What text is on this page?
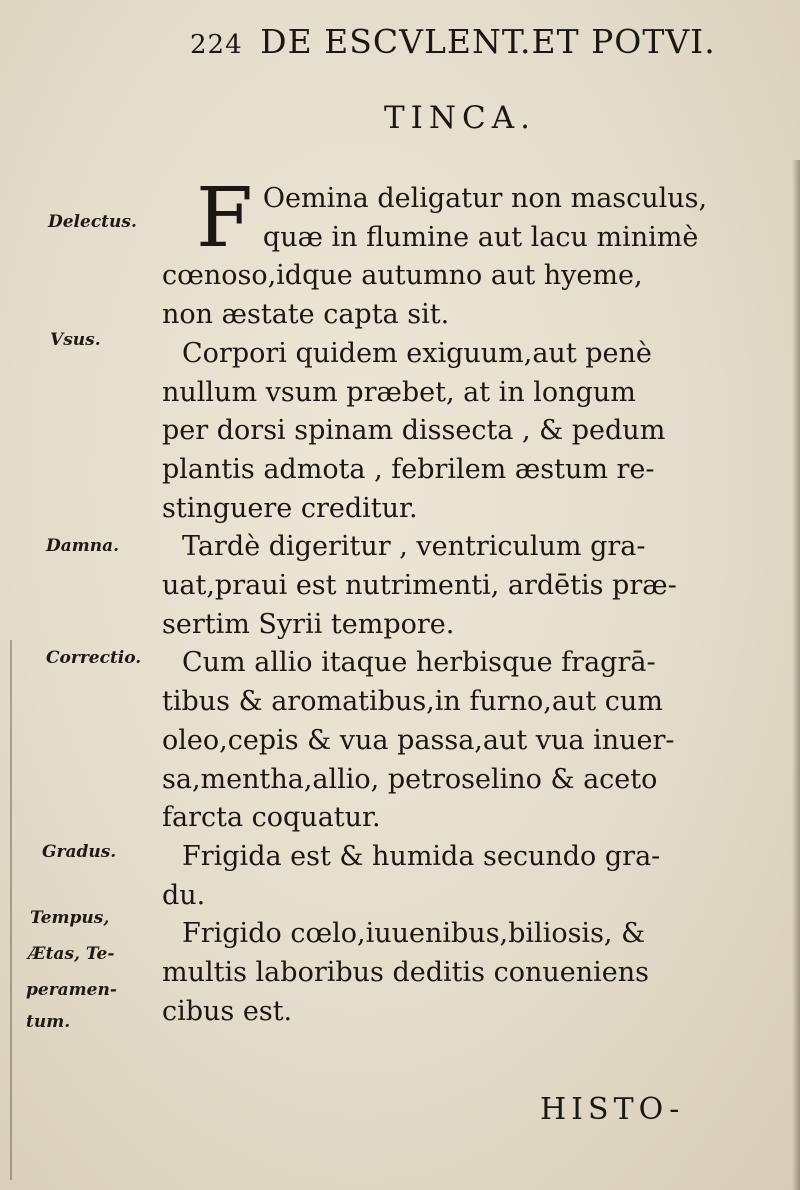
224 DE ESCVLENT.ET POTVI.
TINCA.
Delectus.
Vsus.
Damna.
Correctio.
Gradus.
Tempus,
Ætas, Te-
peramen-
tum.
F Oemina deligatur non masculus,
quæ in flumine aut lacu minimè
cœnoso,idque autumno aut hyeme,
non æstate capta sit.
Corpori quidem exiguum,aut penè
nullum vsum præbet, at in longum
per dorsi spinam dissecta , & pedum
plantis admota , febrilem æstum re-
stinguere creditur.
Tardè digeritur , ventriculum gra-
uat,praui est nutrimenti, ardētis præ-
sertim Syrii tempore.
Cum allio itaque herbisque fragrā-
tibus & aromatibus,in furno,aut cum
oleo,cepis & vua passa,aut vua inuer-
sa,mentha,allio, petroselino & aceto
farcta coquatur.
Frigida est & humida secundo gra-
du.
Frigido cœlo,iuuenibus,biliosis, &
multis laboribus deditis conueniens
cibus est.
HISTO-
